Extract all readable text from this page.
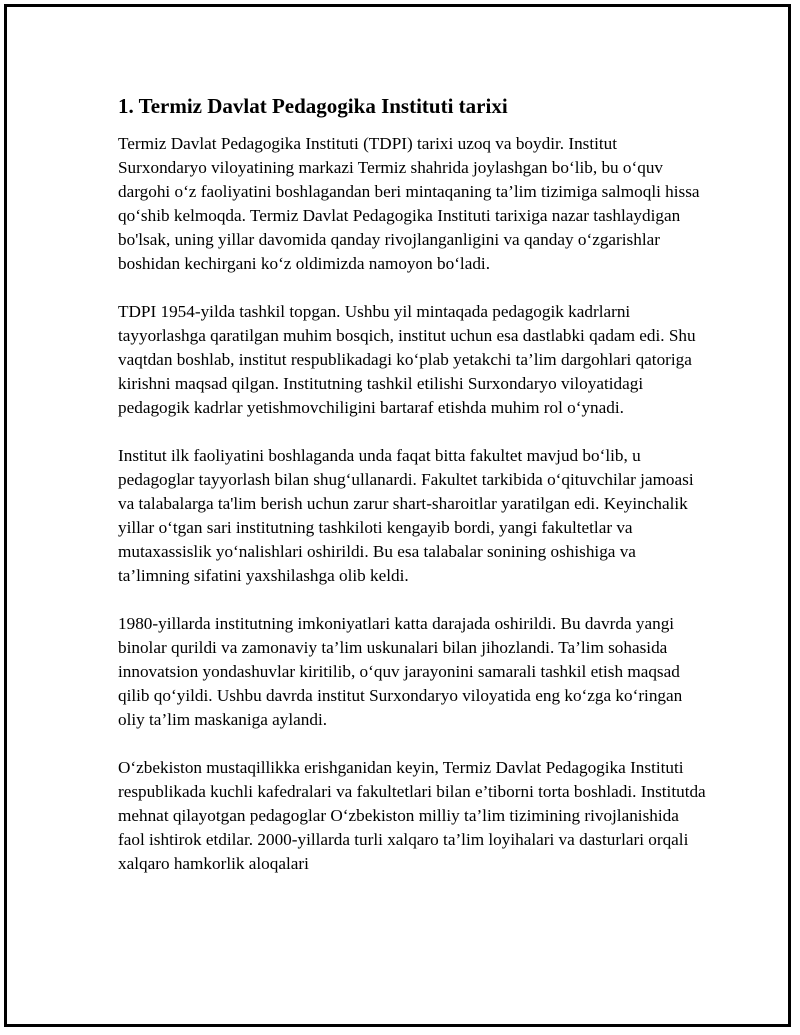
1. Termiz Davlat Pedagogika Instituti tarixi

Termiz Davlat Pedagogika Instituti (TDPI) tarixi uzoq va boydir. Institut Surxondaryo viloyatining markazi Termiz shahrida joylashgan bo‘lib, bu o‘quv dargohi o‘z faoliyatini boshlagandan beri mintaqaning ta’lim tizimiga salmoqli hissa qo‘shib kelmoqda. Termiz Davlat Pedagogika Instituti tarixiga nazar tashlaydigan bo'lsak, uning yillar davomida qanday rivojlanganligini va qanday o‘zgarishlar boshidan kechirgani ko‘z oldimizda namoyon bo‘ladi.

TDPI 1954-yilda tashkil topgan. Ushbu yil mintaqada pedagogik kadrlarni tayyorlashga qaratilgan muhim bosqich, institut uchun esa dastlabki qadam edi. Shu vaqtdan boshlab, institut respublikadagi ko‘plab yetakchi ta’lim dargohlari qatoriga kirishni maqsad qilgan. Institutning tashkil etilishi Surxondaryo viloyatidagi pedagogik kadrlar yetishmovchiligini bartaraf etishda muhim rol o‘ynadi.

Institut ilk faoliyatini boshlaganda unda faqat bitta fakultet mavjud bo‘lib, u pedagoglar tayyorlash bilan shug‘ullanardi. Fakultet tarkibida o‘qituvchilar jamoasi va talabalarga ta'lim berish uchun zarur shart-sharoitlar yaratilgan edi. Keyinchalik yillar o‘tgan sari institutning tashkiloti kengayib bordi, yangi fakultetlar va mutaxassislik yo‘nalishlari oshirildi. Bu esa talabalar sonining oshishiga va ta’limning sifatini yaxshilashga olib keldi.

1980-yillarda institutning imkoniyatlari katta darajada oshirildi. Bu davrda yangi binolar qurildi va zamonaviy ta’lim uskunalari bilan jihozlandi. Ta’lim sohasida innovatsion yondashuvlar kiritilib, o‘quv jarayonini samarali tashkil etish maqsad qilib qo‘yildi. Ushbu davrda institut Surxondaryo viloyatida eng ko‘zga ko‘ringan oliy ta’lim maskaniga aylandi.

O‘zbekiston mustaqillikka erishganidan keyin, Termiz Davlat Pedagogika Instituti respublikada kuchli kafedralari va fakultetlari bilan e’tiborni torta boshladi. Institutda mehnat qilayotgan pedagoglar O‘zbekiston milliy ta’lim tizimining rivojlanishida faol ishtirok etdilar. 2000-yillarda turli xalqaro ta’lim loyihalari va dasturlari orqali xalqaro hamkorlik aloqalari
